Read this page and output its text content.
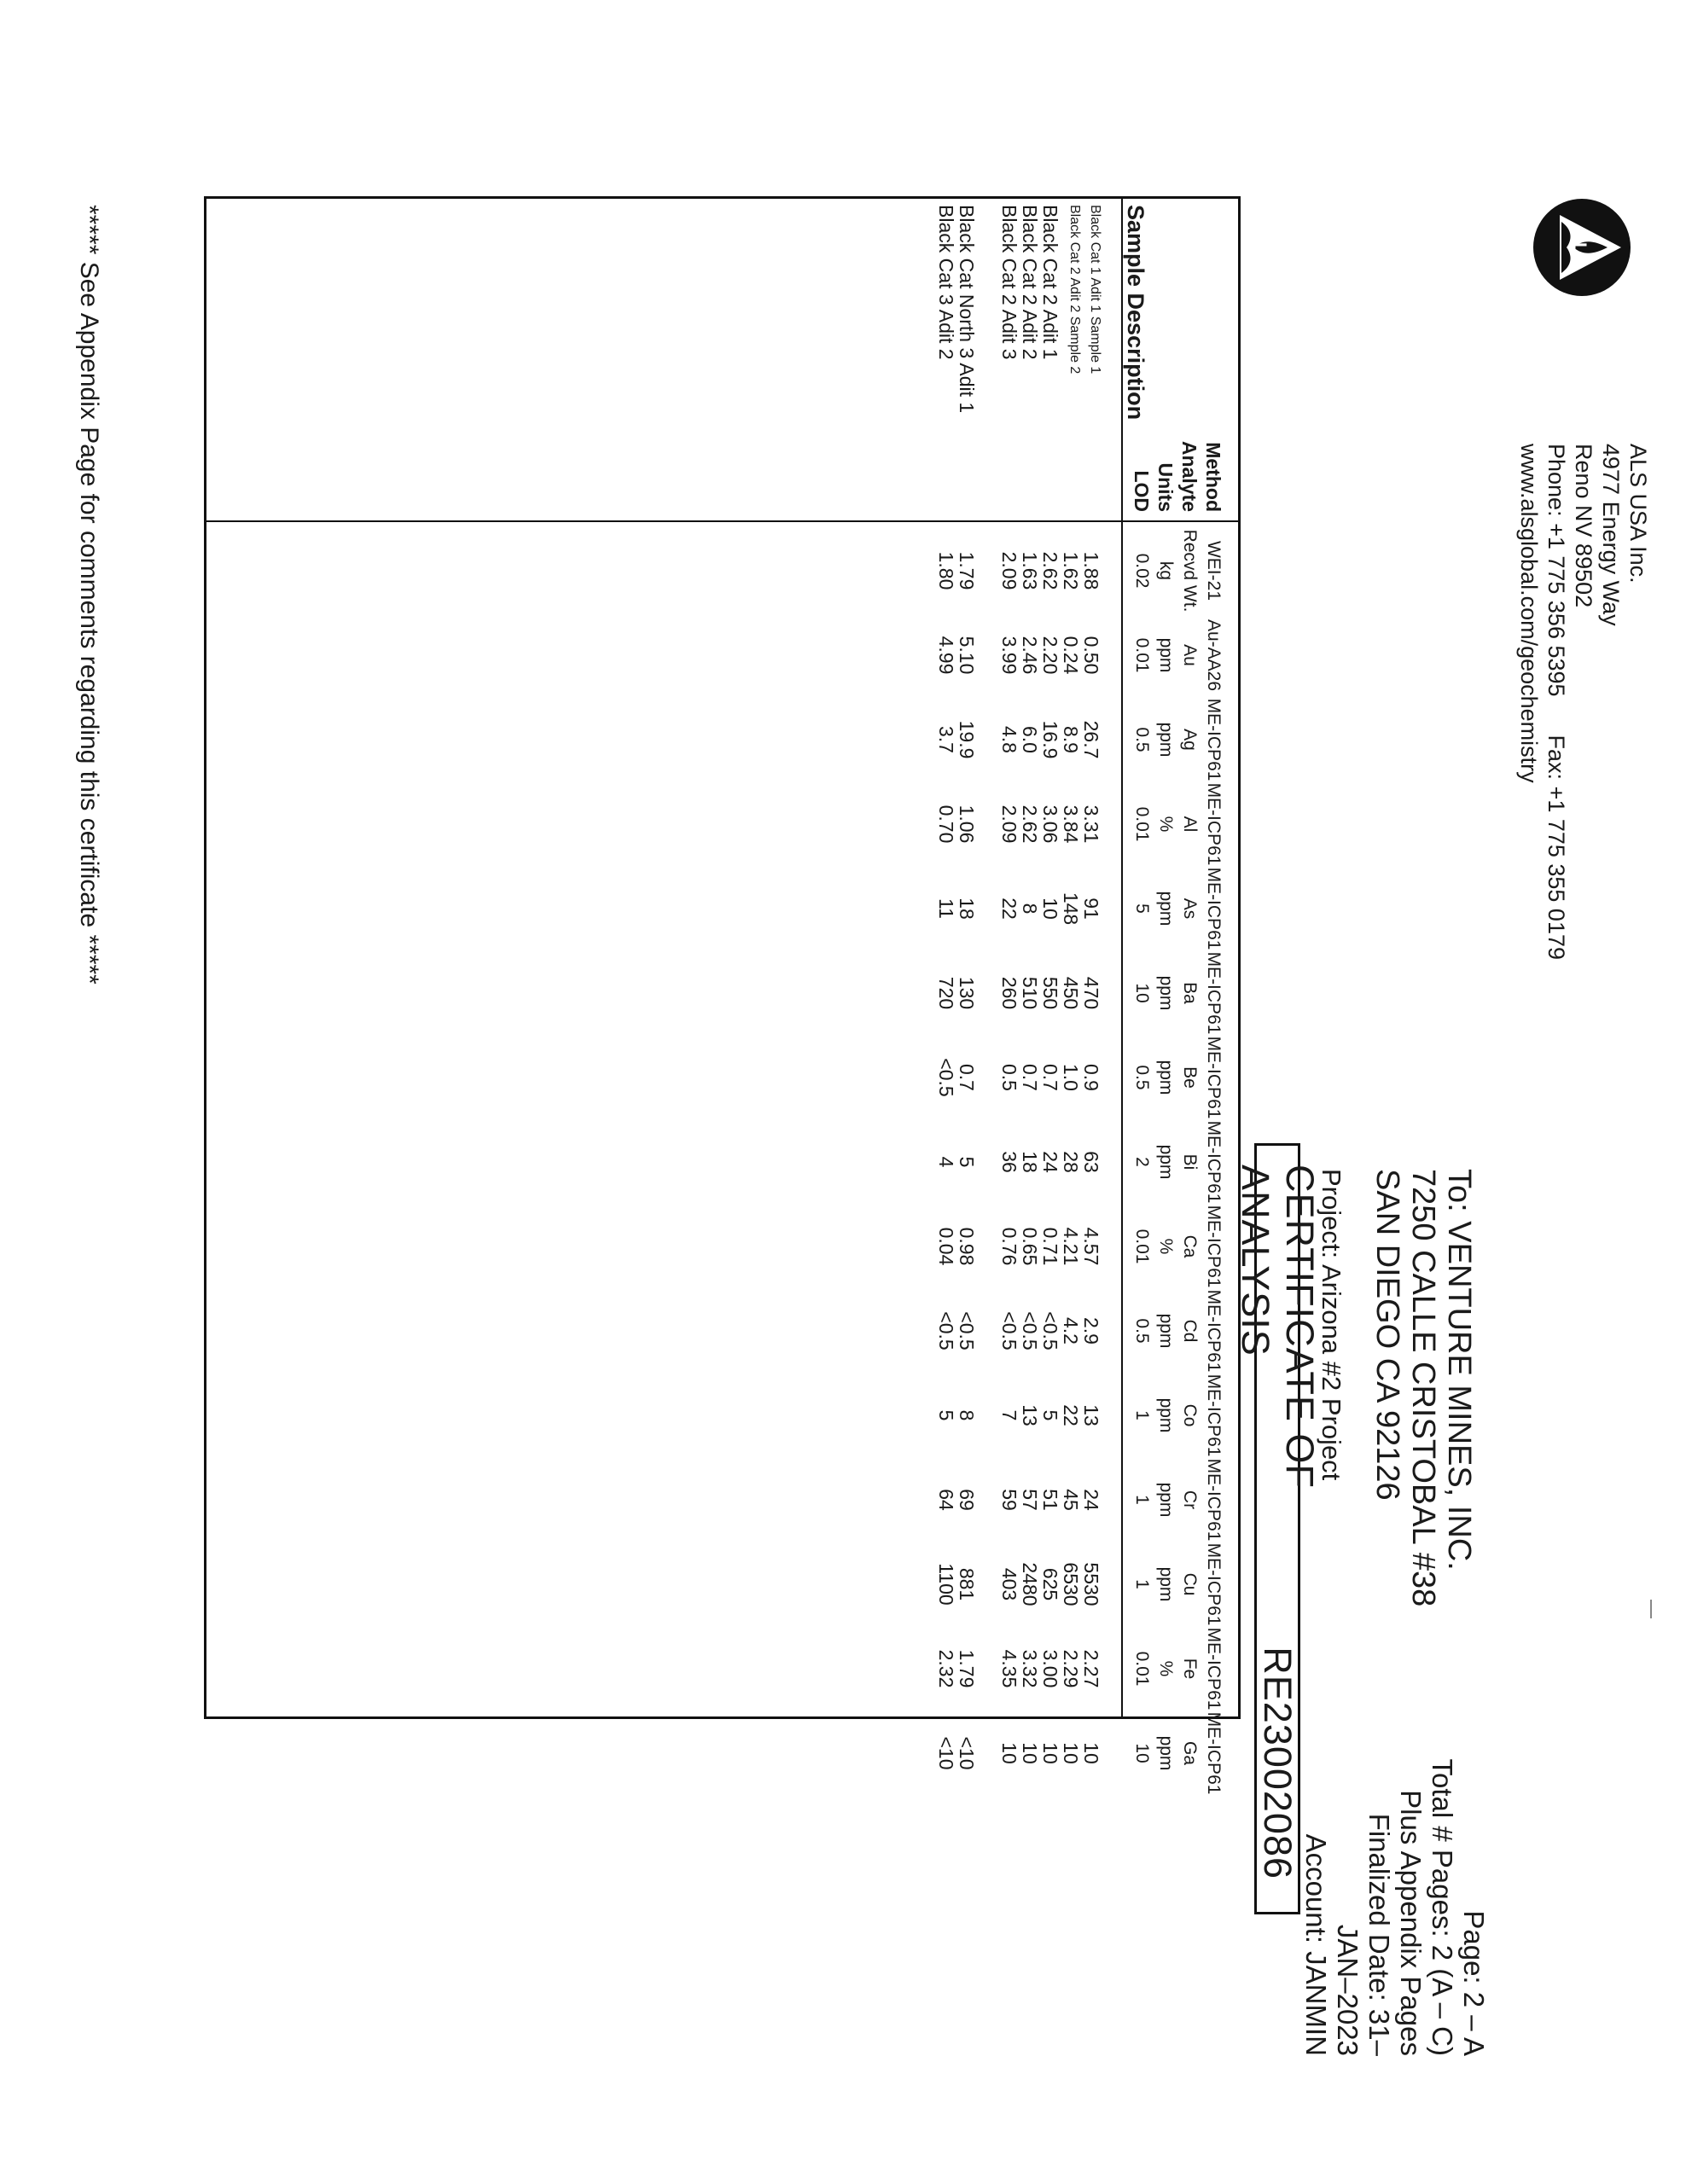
ALS
ALS USA Inc.
4977 Energy Way
Reno NV 89502
Phone: +1 775 356 5395      Fax: +1 775 355 0179
www.alsglobal.com/geochemistry
To: VENTURE MINES, INC.
7250 CALLE CRISTOBAL #38
SAN DIEGO CA 92126
Project: Arizona #2 Project
Page: 2 – A
Total # Pages: 2 (A – C)
Plus Appendix Pages
Finalized Date: 31–JAN–2023
Account: JANMIN
CERTIFICATE OF ANALYSIS
RE23002086
***** See Appendix Page for comments regarding this certificate *****	Method
Analyte
Units
LOD
Sample Description
WEI-21
Recvd Wt.
kg
0.02
Au-AA26
Au
ppm
0.01
ME-ICP61
Ag
ppm
0.5
ME-ICP61
Al
%
0.01
ME-ICP61
As
ppm
5
ME-ICP61
Ba
ppm
10
ME-ICP61
Be
ppm
0.5
ME-ICP61
Bi
ppm
2
ME-ICP61
Ca
%
0.01
ME-ICP61
Cd
ppm
0.5
ME-ICP61
Co
ppm
1
ME-ICP61
Cr
ppm
1
ME-ICP61
Cu
ppm
1
ME-ICP61
Fe
%
0.01
ME-ICP61
Ga
ppm
10
Black Cat 1 Adit 1 Sample 1
1.88
0.50
26.7
3.31
91
470
0.9
63
4.57
2.9
13
24
5530
2.27
10
Black Cat 2 Adit 2 Sample 2
1.62
0.24
8.9
3.84
148
450
1.0
28
4.21
4.2
22
45
6530
2.29
10
Black Cat 2 Adit 1
2.62
2.20
16.9
3.06
10
550
0.7
24
0.71
<0.5
5
51
625
3.00
10
Black Cat 2 Adit 2
1.63
2.46
6.0
2.62
8
510
0.7
18
0.65
<0.5
13
57
2480
3.32
10
Black Cat 2 Adit 3
2.09
3.99
4.8
2.09
22
260
0.5
36
0.76
<0.5
7
59
403
4.35
10
Black Cat North 3 Adit 1
1.79
5.10
19.9
1.06
18
130
0.7
5
0.98
<0.5
8
69
881
1.79
<10
Black Cat 3 Adit 2
1.80
4.99
3.7
0.70
11
720
<0.5
4
0.04
<0.5
5
64
1100
2.32
<10
